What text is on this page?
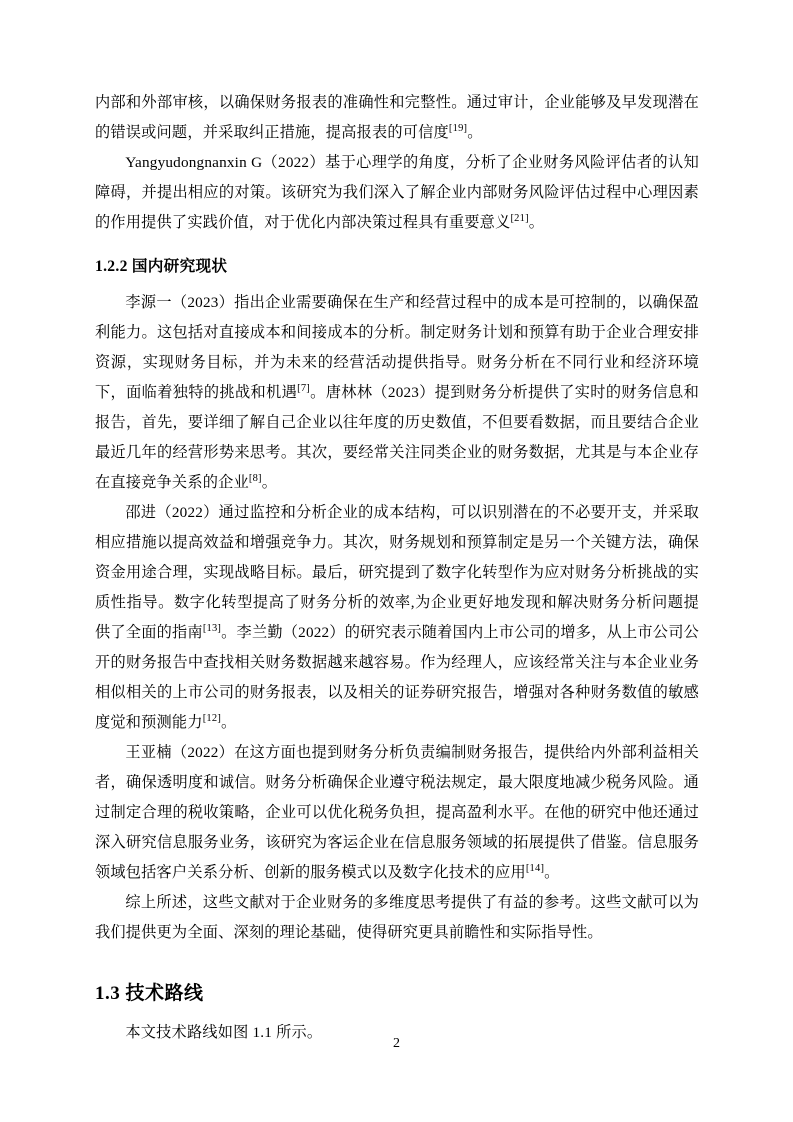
内部和外部审核，以确保财务报表的准确性和完整性。通过审计，企业能够及早发现潜在的错误或问题，并采取纠正措施，提高报表的可信度[19]。

Yangyudongnanxin G（2022）基于心理学的角度，分析了企业财务风险评估者的认知障碍，并提出相应的对策。该研究为我们深入了解企业内部财务风险评估过程中心理因素的作用提供了实践价值，对于优化内部决策过程具有重要意义[21]。

1.2.2 国内研究现状

李源一（2023）指出企业需要确保在生产和经营过程中的成本是可控制的，以确保盈利能力。这包括对直接成本和间接成本的分析。制定财务计划和预算有助于企业合理安排资源，实现财务目标，并为未来的经营活动提供指导。财务分析在不同行业和经济环境下，面临着独特的挑战和机遇[7]。唐林林（2023）提到财务分析提供了实时的财务信息和报告，首先，要详细了解自己企业以往年度的历史数值，不但要看数据，而且要结合企业最近几年的经营形势来思考。其次，要经常关注同类企业的财务数据，尤其是与本企业存在直接竞争关系的企业[8]。

邵进（2022）通过监控和分析企业的成本结构，可以识别潜在的不必要开支，并采取相应措施以提高效益和增强竞争力。其次，财务规划和预算制定是另一个关键方法，确保资金用途合理，实现战略目标。最后，研究提到了数字化转型作为应对财务分析挑战的实质性指导。数字化转型提高了财务分析的效率,为企业更好地发现和解决财务分析问题提供了全面的指南[13]。李兰勤（2022）的研究表示随着国内上市公司的增多，从上市公司公开的财务报告中查找相关财务数据越来越容易。作为经理人，应该经常关注与本企业业务相似相关的上市公司的财务报表，以及相关的证券研究报告，增强对各种财务数值的敏感度觉和预测能力[12]。

王亚楠（2022）在这方面也提到财务分析负责编制财务报告，提供给内外部利益相关者，确保透明度和诚信。财务分析确保企业遵守税法规定，最大限度地减少税务风险。通过制定合理的税收策略，企业可以优化税务负担，提高盈利水平。在他的研究中他还通过深入研究信息服务业务，该研究为客运企业在信息服务领域的拓展提供了借鉴。信息服务领域包括客户关系分析、创新的服务模式以及数字化技术的应用[14]。

综上所述，这些文献对于企业财务的多维度思考提供了有益的参考。这些文献可以为我们提供更为全面、深刻的理论基础，使得研究更具前瞻性和实际指导性。

1.3 技术路线

本文技术路线如图 1.1 所示。

2
